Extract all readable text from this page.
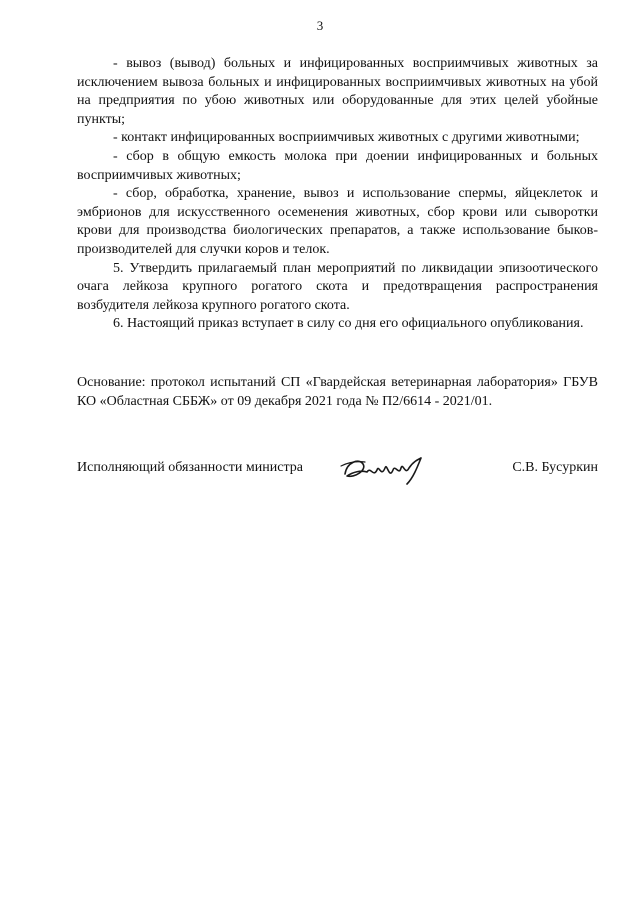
3

- вывоз (вывод) больных и инфицированных восприимчивых животных за исключением вывоза больных и инфицированных восприимчивых животных на убой на предприятия по убою животных или оборудованные для этих целей убойные пункты;

- контакт инфицированных восприимчивых животных с другими животными;

- сбор в общую емкость молока при доении инфицированных и больных восприимчивых животных;

- сбор, обработка, хранение, вывоз и использование спермы, яйцеклеток и эмбрионов для искусственного осеменения животных, сбор крови или сыворотки крови для производства биологических препаратов, а также использование быков-производителей для случки коров и телок.

5. Утвердить прилагаемый план мероприятий по ликвидации эпизоотического очага лейкоза крупного рогатого скота и предотвращения распространения возбудителя лейкоза крупного рогатого скота.

6. Настоящий приказ вступает в силу со дня его официального опубликования.

Основание: протокол испытаний СП «Гвардейская ветеринарная лаборатория» ГБУВ КО «Областная СББЖ» от 09 декабря 2021 года № П2/6614 - 2021/01.

Исполняющий обязанности министра	С.В. Бусуркин
